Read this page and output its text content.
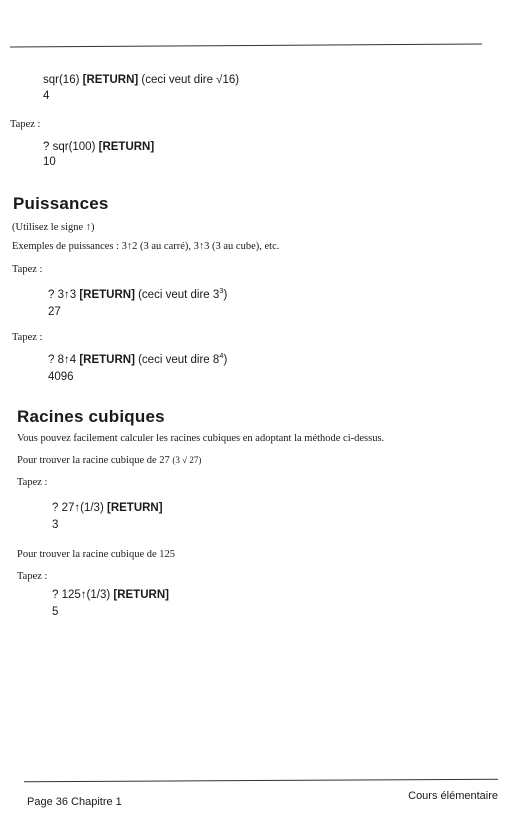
sqr(16) [RETURN] (ceci veut dire √16)
4
Tapez :
? sqr(100) [RETURN]
10
Puissances
(Utilisez le signe ↑)
Exemples de puissances : 3↑2 (3 au carré), 3↑3 (3 au cube), etc.
Tapez :
? 3↑3 [RETURN] (ceci veut dire $3^3$)
27
Tapez :
? 8↑4 [RETURN] (ceci veut dire $8^4$)
4096
Racines cubiques
Vous pouvez facilement calculer les racines cubiques en adoptant la méthode ci-dessus.
Pour trouver la racine cubique de 27 (3 √ 27)
Tapez :
? 27↑(1/3) [RETURN]
3
Pour trouver la racine cubique de 125
Tapez :
? 125↑(1/3) [RETURN]
5
Page 36 Chapitre 1	Cours élémentaire
